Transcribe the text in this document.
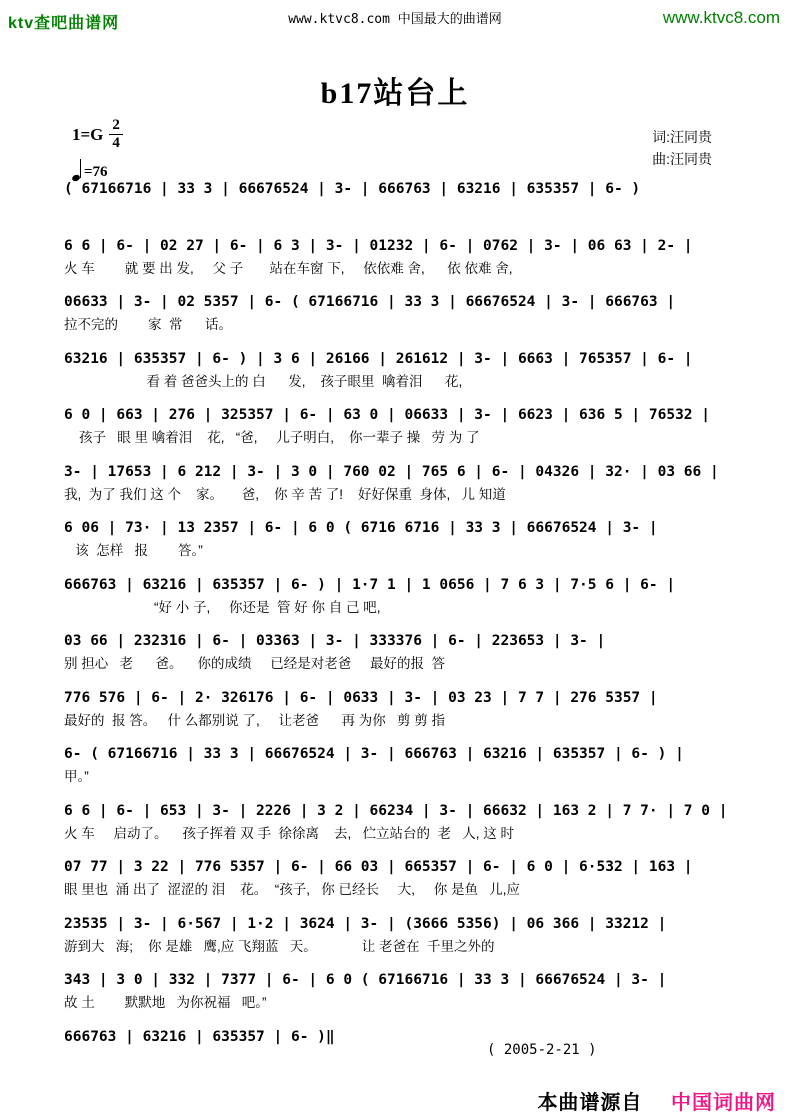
ktv查吧曲谱网	www.ktvc8.com 中国最大的曲谱网	www.ktvc8.com
b17站台上
$1=G \frac{2}{4}$
=76
词:汪同贵
曲:汪同贵
( 67166716 | 33 3 | 66676524 | 3- | 666763 | 63216 | 635357 | 6- )
6 6 | 6- | 02 27 | 6- | 6 3 | 3- | 01232 | 6- | 0762 | 3- | 06 63 | 2- |
火 车        就 要 出 发,     父 子       站在车窗 下,     依依难 舍,      依 依难 舍,
06633 | 3- | 02 5357 | 6- ( 67166716 | 33 3 | 66676524 | 3- | 666763 |
拉不完的        家  常      话。
63216 | 635357 | 6- ) | 3 6 | 26166 | 261612 | 3- | 6663 | 765357 | 6- |
看 着 爸爸头上的 白      发,    孩子眼里  噙着泪      花,
6 0 | 663 | 276 | 325357 | 6- | 63 0 | 06633 | 3- | 6623 | 636 5 | 76532 |
孩子   眼 里 噙着泪    花,   “爸,     儿子明白,    你一辈子 操   劳 为 了
3- | 17653 | 6 212 | 3- | 3 0 | 760 02 | 765 6 | 6- | 04326 | 32· | 03 66 |
我,  为了 我们 这 个    家。     爸,    你 辛 苦 了!    好好保重  身体,   儿 知道
6 06 | 73· | 13 2357 | 6- | 6 0 ( 6716 6716 | 33 3 | 66676524 | 3- |
该  怎样   报        答。”
666763 | 63216 | 635357 | 6- ) | 1·7 1 | 1 0656 | 7 6 3 | 7·5 6 | 6- |
“好 小 子,     你还是  管 好 你 自 己 吧,
03 66 | 232316 | 6- | 03363 | 3- | 333376 | 6- | 223653 | 3- |
别 担心   老      爸。    你的成绩     已经是对老爸     最好的报  答
776 576 | 6- | 2· 326176 | 6- | 0633 | 3- | 03 23 | 7 7 | 276 5357 |
最好的  报 答。   什 么都别说 了,     让老爸      再 为你   剪 剪 指
6- ( 67166716 | 33 3 | 66676524 | 3- | 666763 | 63216 | 635357 | 6- ) |
甲。”
6 6 | 6- | 653 | 3- | 2226 | 3 2 | 66234 | 3- | 66632 | 163 2 | 7 7· | 7 0 |
火 车     启动了。    孩子挥着 双 手  徐徐离    去,   伫立站台的  老   人, 这 时
07 77 | 3 22 | 776 5357 | 6- | 66 03 | 665357 | 6- | 6 0 | 6·532 | 163 |
眼 里也  涌 出了  涩涩的 泪    花。  “孩子,   你 已经长     大,     你 是鱼   儿,应
23535 | 3- | 6·567 | 1·2 | 3624 | 3- | (3666 5356) | 06 366 | 33212 |
游到大   海;    你 是雄   鹰,应 飞翔蓝   天。            让 老爸在  千里之外的
343 | 3 0 | 332 | 7377 | 6- | 6 0 ( 67166716 | 33 3 | 66676524 | 3- |
故 土        默默地   为你祝福   吧。”
666763 | 63216 | 635357 | 6- )‖
( 2005-2-21 )
本曲谱源自 中国词曲网
